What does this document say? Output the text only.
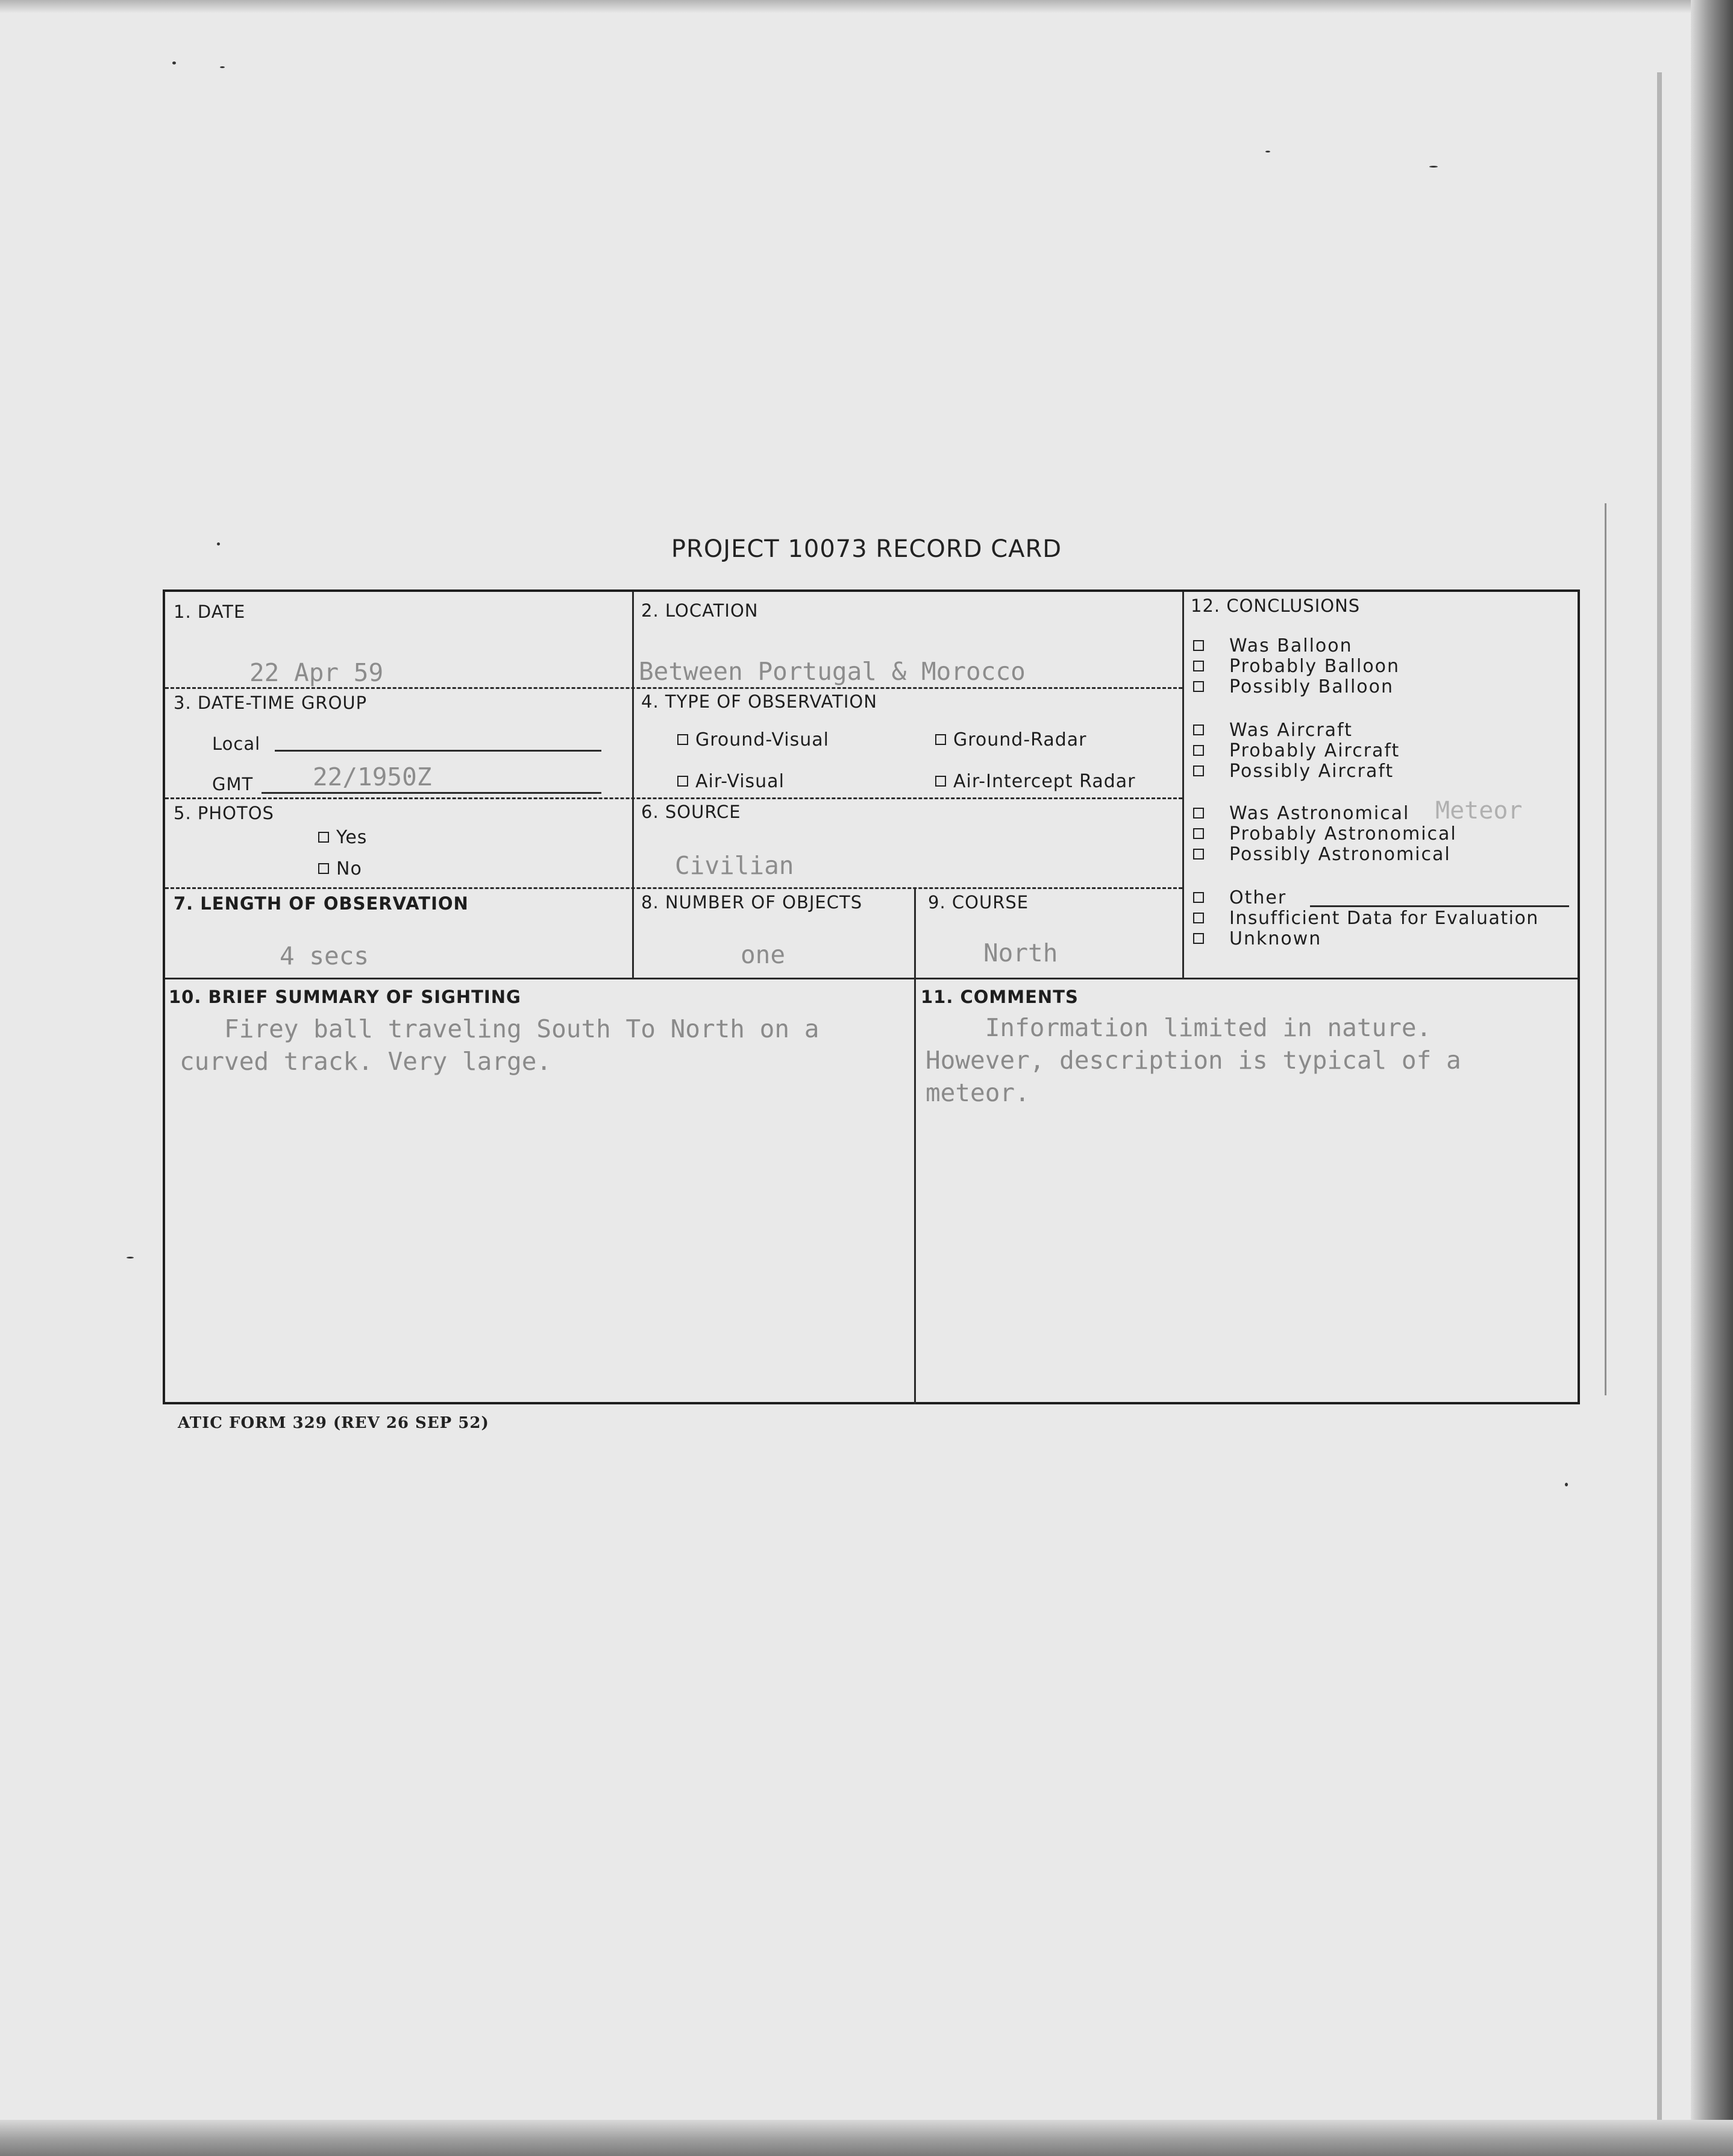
PROJECT 10073 RECORD CARD
1. DATE
22 Apr 59
2. LOCATION
Between Portugal & Morocco
3. DATE-TIME GROUP
Local
GMT 22/1950Z
4. TYPE OF OBSERVATION
Ground-Visual	Ground-Radar
Air-Visual	Air-Intercept Radar
5. PHOTOS
Yes
No
6. SOURCE
Civilian
7. LENGTH OF OBSERVATION
4 secs
8. NUMBER OF OBJECTS
one
9. COURSE
North
10. BRIEF SUMMARY OF SIGHTING
Firey ball traveling South To North on a
curved track. Very large.
11. COMMENTS
Information limited in nature.
However, description is typical of a
meteor.
12. CONCLUSIONS
Was Balloon
Probably Balloon
Possibly Balloon
Was Aircraft
Probably Aircraft
Possibly Aircraft
Was Astronomical Meteor
Probably Astronomical
Possibly Astronomical
Other
Insufficient Data for Evaluation
Unknown
ATIC FORM 329 (REV 26 SEP 52)
